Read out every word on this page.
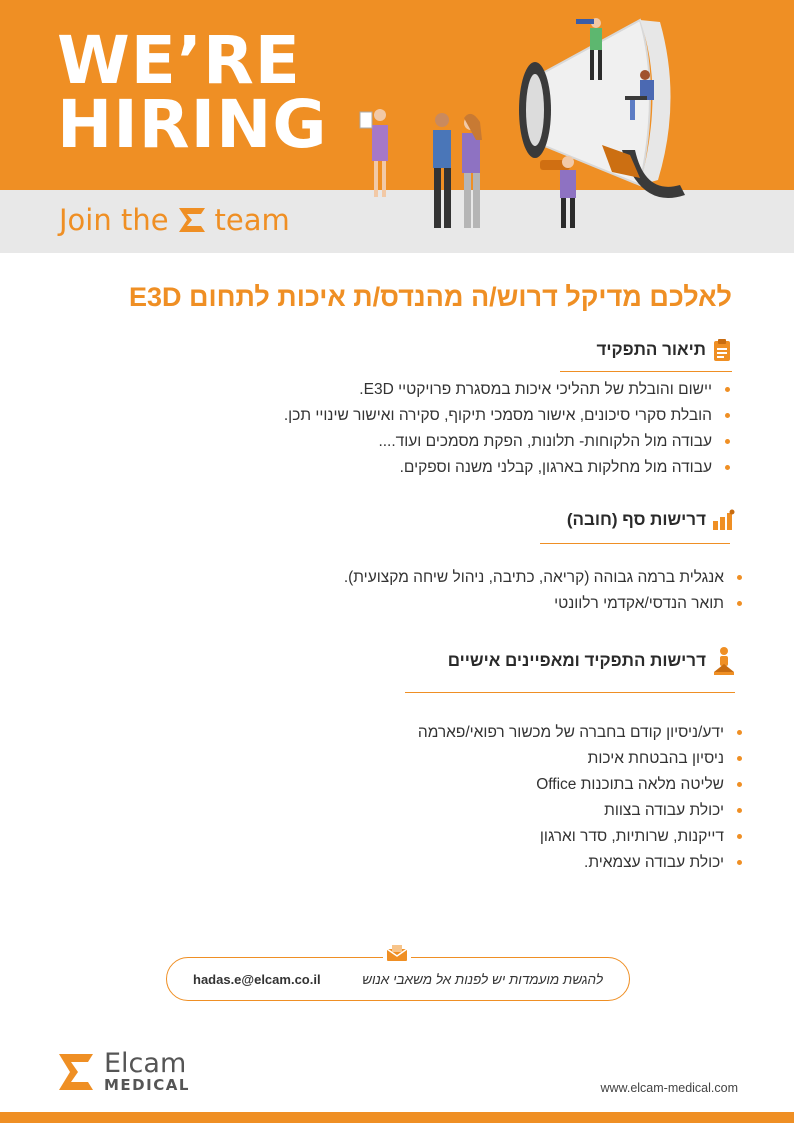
WE’RE
HIRING
Join the team
לאלכם מדיקל דרוש/ה מהנדס/ת איכות לתחום E3D
תיאור התפקיד
יישום והובלת של תהליכי איכות במסגרת פרויקטיי E3D.
הובלת סקרי סיכונים, אישור מסמכי תיקוף, סקירה ואישור שינויי תכן.
עבודה מול הלקוחות- תלונות, הפקת מסמכים ועוד....
עבודה מול מחלקות בארגון, קבלני משנה וספקים.
דרישות סף (חובה)
אנגלית ברמה גבוהה (קריאה, כתיבה, ניהול שיחה מקצועית).
תואר הנדסי/אקדמי רלוונטי
דרישות התפקיד ומאפיינים אישיים
ידע/ניסיון קודם בחברה של מכשור רפואי/פארמה
ניסיון בהבטחת איכות
שליטה מלאה בתוכנות Office
יכולת עבודה בצוות
דייקנות, שרותיות, סדר וארגון
יכולת עבודה עצמאית.
hadas.e@elcam.co.il	להגשת מועמדות יש לפנות אל משאבי אנוש
Elcam
MEDICAL	www.elcam-medical.com
